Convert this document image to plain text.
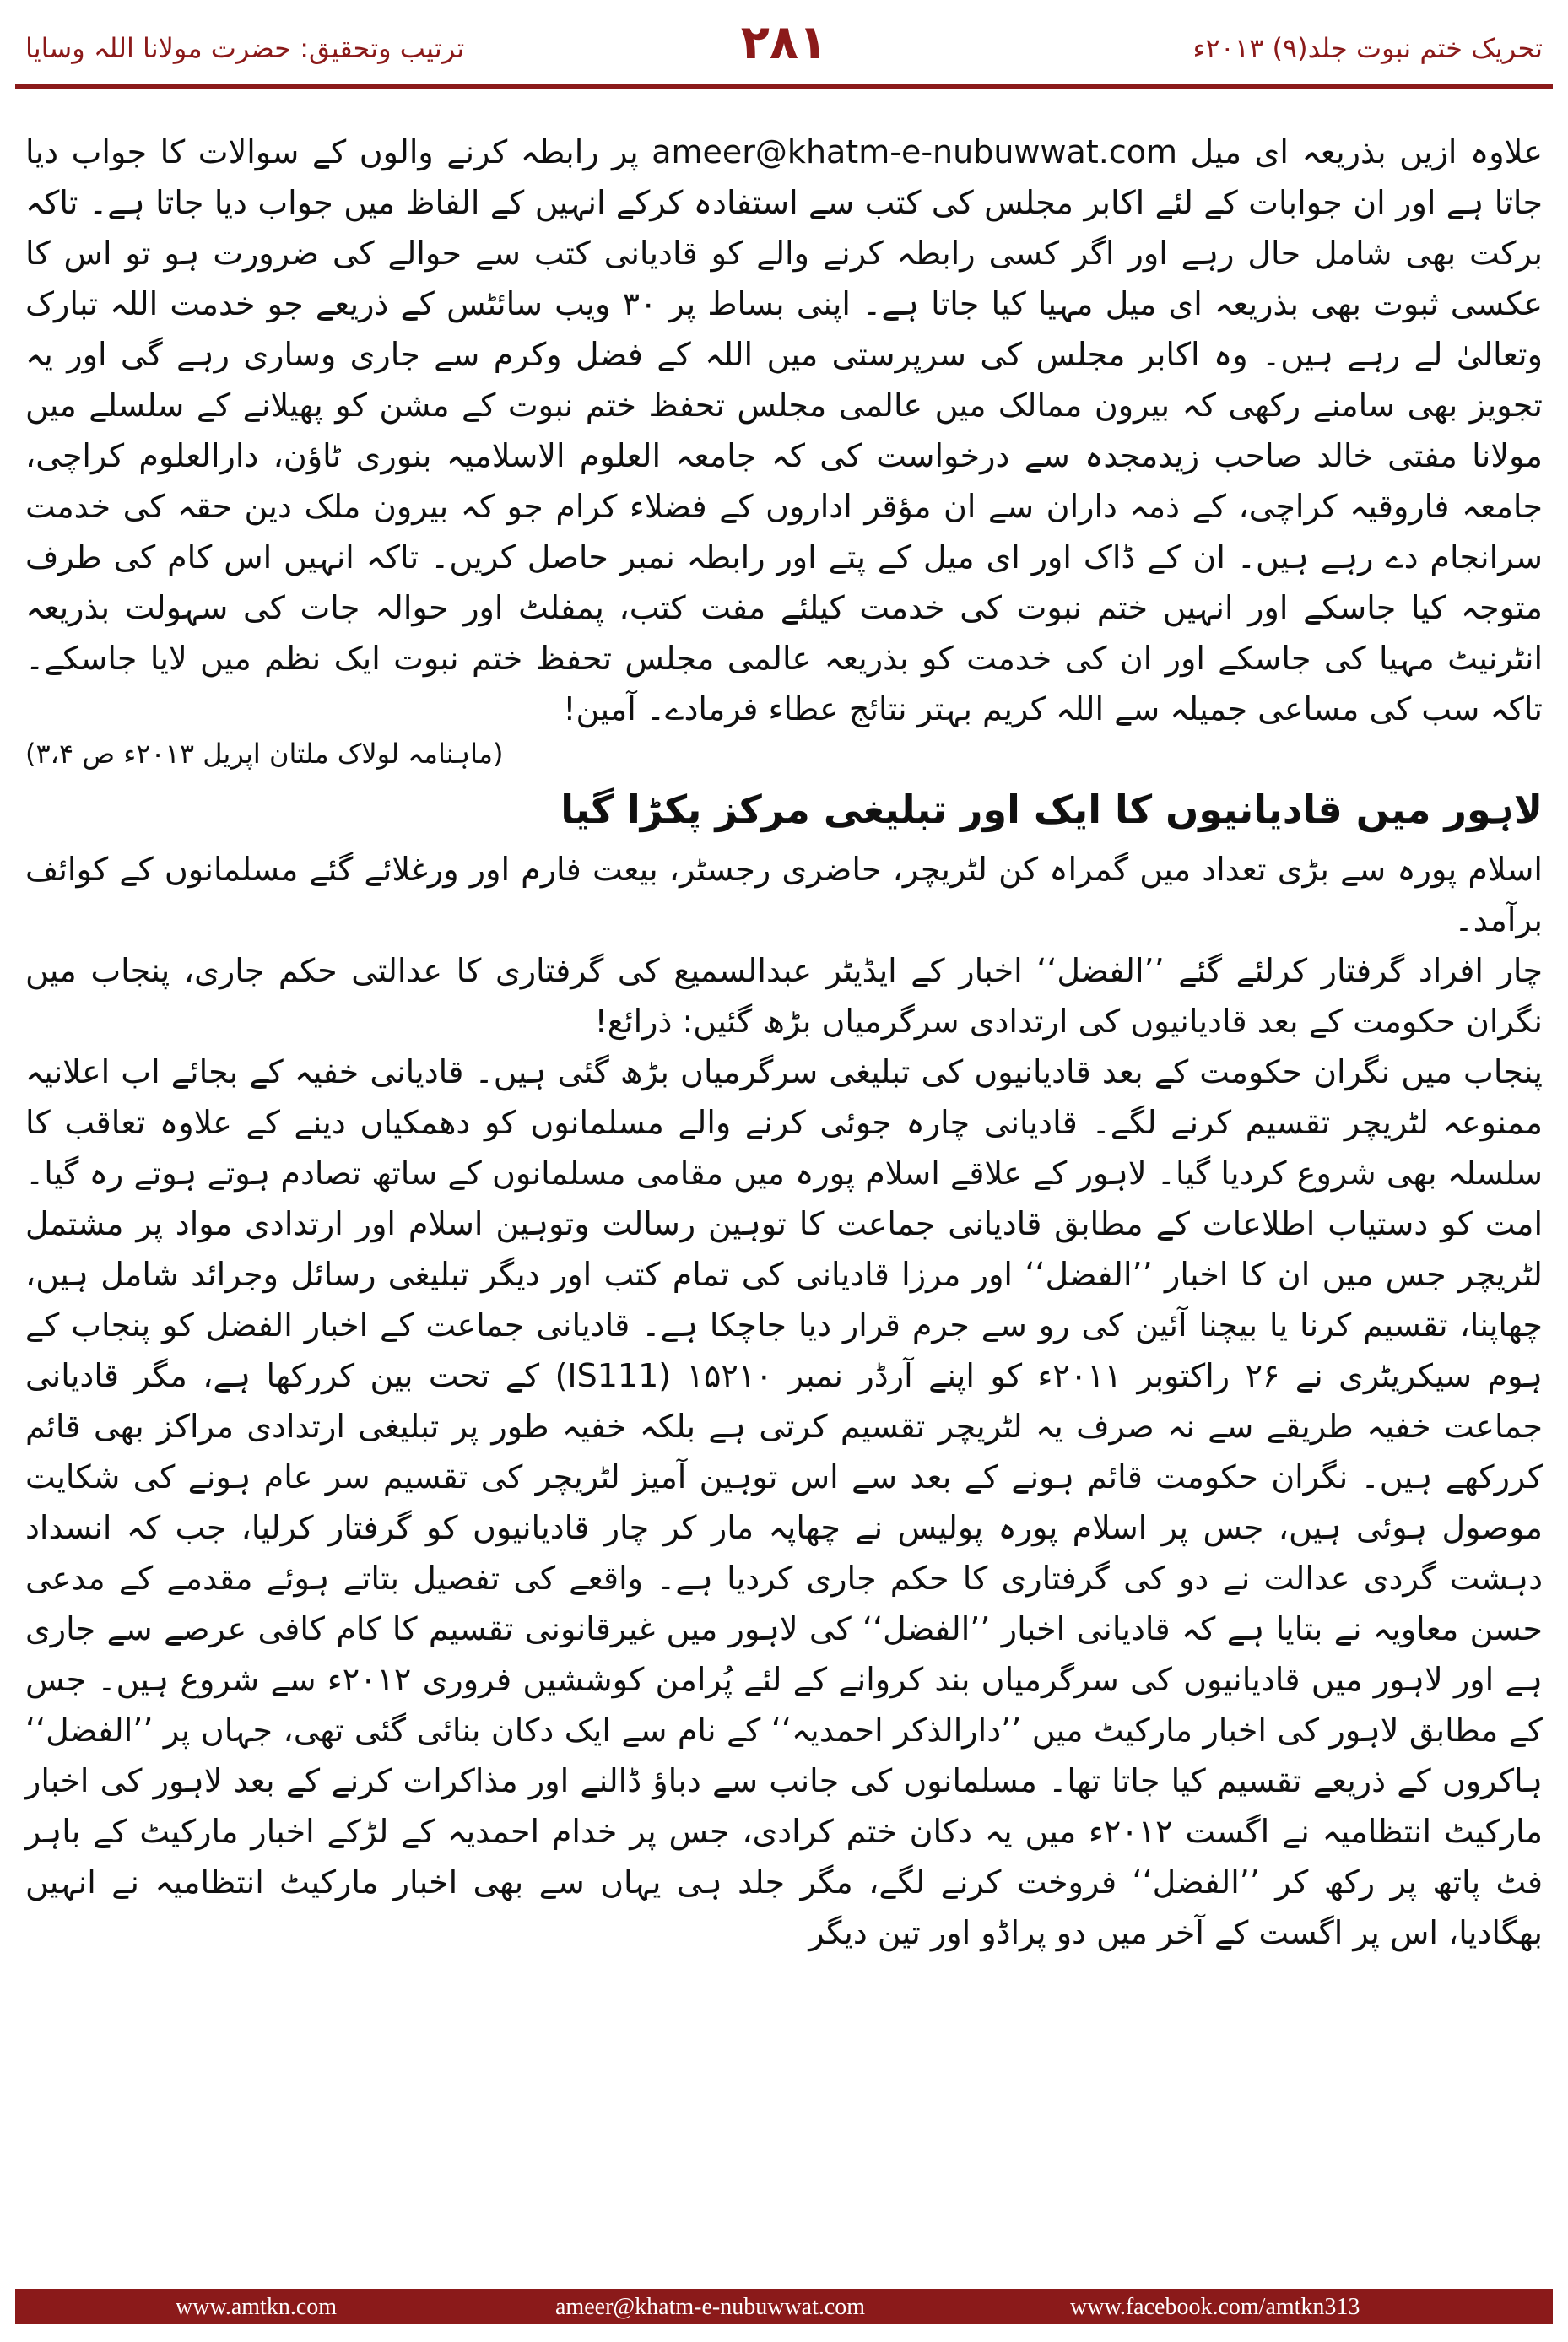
ترتیب وتحقیق: حضرت مولانا اللہ وسایا	۲۸۱	تحریک ختم نبوت جلد(۹) ۲۰۱۳ء

علاوہ ازیں بذریعہ ای میل ameer@khatm-e-nubuwwat.com پر رابطہ کرنے والوں کے سوالات کا جواب دیا جاتا ہے اور ان جوابات کے لئے اکابر مجلس کی کتب سے استفادہ کرکے انہیں کے الفاظ میں جواب دیا جاتا ہے۔ تاکہ برکت بھی شامل حال رہے اور اگر کسی رابطہ کرنے والے کو قادیانی کتب سے حوالے کی ضرورت ہو تو اس کا عکسی ثبوت بھی بذریعہ ای میل مہیا کیا جاتا ہے۔ اپنی بساط پر ۳۰ ویب سائٹس کے ذریعے جو خدمت اللہ تبارک وتعالیٰ لے رہے ہیں۔ وہ اکابر مجلس کی سرپرستی میں اللہ کے فضل وکرم سے جاری وساری رہے گی اور یہ تجویز بھی سامنے رکھی کہ بیرون ممالک میں عالمی مجلس تحفظ ختم نبوت کے مشن کو پھیلانے کے سلسلے میں مولانا مفتی خالد صاحب زیدمجدہ سے درخواست کی کہ جامعہ العلوم الاسلامیہ بنوری ٹاؤن، دارالعلوم کراچی، جامعہ فاروقیہ کراچی، کے ذمہ داران سے ان مؤقر اداروں کے فضلاء کرام جو کہ بیرون ملک دین حقہ کی خدمت سرانجام دے رہے ہیں۔ ان کے ڈاک اور ای میل کے پتے اور رابطہ نمبر حاصل کریں۔ تاکہ انہیں اس کام کی طرف متوجہ کیا جاسکے اور انہیں ختم نبوت کی خدمت کیلئے مفت کتب، پمفلٹ اور حوالہ جات کی سہولت بذریعہ انٹرنیٹ مہیا کی جاسکے اور ان کی خدمت کو بذریعہ عالمی مجلس تحفظ ختم نبوت ایک نظم میں لایا جاسکے۔ تاکہ سب کی مساعی جمیلہ سے اللہ کریم بہتر نتائج عطاء فرمادے۔ آمین!

(ماہنامہ لولاک ملتان اپریل ۲۰۱۳ء ص ۳،۴)
لاہور میں قادیانیوں کا ایک اور تبلیغی مرکز پکڑا گیا

اسلام پورہ سے بڑی تعداد میں گمراہ کن لٹریچر، حاضری رجسٹر، بیعت فارم اور ورغلائے گئے مسلمانوں کے کوائف برآمد۔

چار افراد گرفتار کرلئے گئے ’’الفضل‘‘ اخبار کے ایڈیٹر عبدالسمیع کی گرفتاری کا عدالتی حکم جاری، پنجاب میں نگران حکومت کے بعد قادیانیوں کی ارتدادی سرگرمیاں بڑھ گئیں: ذرائع!

پنجاب میں نگران حکومت کے بعد قادیانیوں کی تبلیغی سرگرمیاں بڑھ گئی ہیں۔ قادیانی خفیہ کے بجائے اب اعلانیہ ممنوعہ لٹریچر تقسیم کرنے لگے۔ قادیانی چارہ جوئی کرنے والے مسلمانوں کو دھمکیاں دینے کے علاوہ تعاقب کا سلسلہ بھی شروع کردیا گیا۔ لاہور کے علاقے اسلام پورہ میں مقامی مسلمانوں کے ساتھ تصادم ہوتے ہوتے رہ گیا۔ امت کو دستیاب اطلاعات کے مطابق قادیانی جماعت کا توہین رسالت وتوہین اسلام اور ارتدادی مواد پر مشتمل لٹریچر جس میں ان کا اخبار ’’الفضل‘‘ اور مرزا قادیانی کی تمام کتب اور دیگر تبلیغی رسائل وجرائد شامل ہیں، چھاپنا، تقسیم کرنا یا بیچنا آئین کی رو سے جرم قرار دیا جاچکا ہے۔ قادیانی جماعت کے اخبار الفضل کو پنجاب کے ہوم سیکریٹری نے ۲۶ راکتوبر ۲۰۱۱ء کو اپنے آرڈر نمبر ۱۵۲۱۰ (IS111) کے تحت بین کررکھا ہے، مگر قادیانی جماعت خفیہ طریقے سے نہ صرف یہ لٹریچر تقسیم کرتی ہے بلکہ خفیہ طور پر تبلیغی ارتدادی مراکز بھی قائم کررکھے ہیں۔ نگران حکومت قائم ہونے کے بعد سے اس توہین آمیز لٹریچر کی تقسیم سر عام ہونے کی شکایت موصول ہوئی ہیں، جس پر اسلام پورہ پولیس نے چھاپہ مار کر چار قادیانیوں کو گرفتار کرلیا، جب کہ انسداد دہشت گردی عدالت نے دو کی گرفتاری کا حکم جاری کردیا ہے۔ واقعے کی تفصیل بتاتے ہوئے مقدمے کے مدعی حسن معاویہ نے بتایا ہے کہ قادیانی اخبار ’’الفضل‘‘ کی لاہور میں غیرقانونی تقسیم کا کام کافی عرصے سے جاری ہے اور لاہور میں قادیانیوں کی سرگرمیاں بند کروانے کے لئے پُرامن کوششیں فروری ۲۰۱۲ء سے شروع ہیں۔ جس کے مطابق لاہور کی اخبار مارکیٹ میں ’’دارالذکر احمدیہ‘‘ کے نام سے ایک دکان بنائی گئی تھی، جہاں پر ’’الفضل‘‘ ہاکروں کے ذریعے تقسیم کیا جاتا تھا۔ مسلمانوں کی جانب سے دباؤ ڈالنے اور مذاکرات کرنے کے بعد لاہور کی اخبار مارکیٹ انتظامیہ نے اگست ۲۰۱۲ء میں یہ دکان ختم کرادی، جس پر خدام احمدیہ کے لڑکے اخبار مارکیٹ کے باہر فٹ پاتھ پر رکھ کر ’’الفضل‘‘ فروخت کرنے لگے، مگر جلد ہی یہاں سے بھی اخبار مارکیٹ انتظامیہ نے انہیں بھگادیا، اس پر اگست کے آخر میں دو پراڈو اور تین دیگر

www.amtkn.com	ameer@khatm-e-nubuwwat.com	www.facebook.com/amtkn313
